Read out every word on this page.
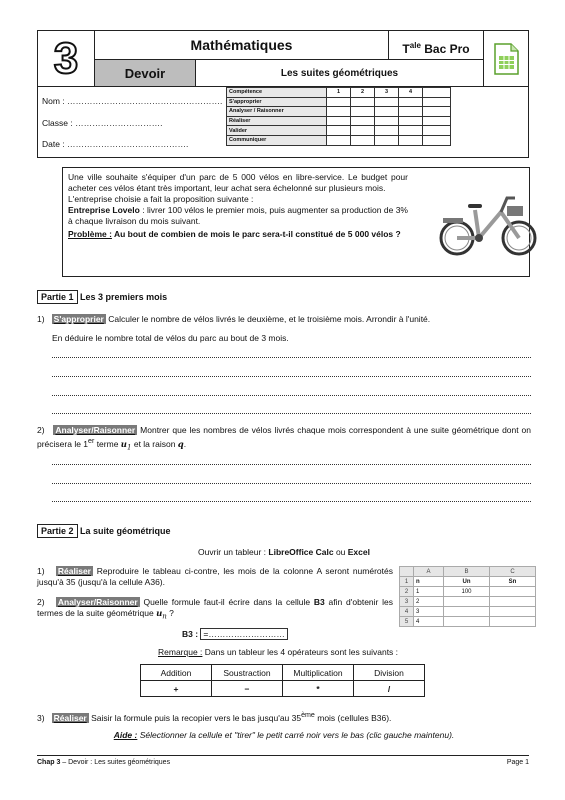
3	Mathématiques	$T^{ale}$ Bac Pro
Devoir	Les suites géométriques
Nom : ……………………………………………….
Classe : ………………………….
Date : …………………………………….
Compétence	1	2	3	4	
S'approprier					
Analyser / Raisonner					
Réaliser					
Valider					
Communiquer					

Une ville souhaite s'équiper d'un parc de 5 000 vélos en libre-service. Le budget pour acheter ces vélos étant très important, leur achat sera échelonné sur plusieurs mois.

L'entreprise choisie a fait la proposition suivante :

Entreprise Lovelo : livrer 100 vélos le premier mois, puis augmenter sa production de 3% à chaque livraison du mois suivant.

Problème : Au bout de combien de mois le parc sera-t-il constitué de 5 000 vélos ?

Partie 1 Les 3 premiers mois
1) S'approprier Calculer le nombre de vélos livrés le deuxième, et le troisième mois. Arrondir à l'unité.
En déduire le nombre total de vélos du parc au bout de 3 mois.
2) Analyser/Raisonner Montrer que les nombres de vélos livrés chaque mois correspondent à une suite géométrique dont on précisera le 1er terme $u_1$ et la raison q.
Partie 2 La suite géométrique
Ouvrir un tableur : LibreOffice Calc ou Excel
1) Réaliser Reproduire le tableau ci-contre, les mois de la colonne A seront numérotés jusqu'à 35 (jusqu'à la cellule A36).
2) Analyser/Raisonner Quelle formule faut-il écrire dans la cellule B3 afin d'obtenir les termes de la suite géométrique $u_n$ ?
B3 : =………………………
	A	B	C
1	n	Un	Sn
2	1	100	
3	2		
4	3		
5	4		
Remarque : Dans un tableur les 4 opérateurs sont les suivants :
Addition	Soustraction	Multiplication	Division
+	−	*	/
3) Réaliser Saisir la formule puis la recopier vers le bas jusqu'au 35ème mois (cellules B36).
Aide : Sélectionner la cellule et "tirer" le petit carré noir vers le bas (clic gauche maintenu).
Chap 3 – Devoir : Les suites géométriques	Page 1
